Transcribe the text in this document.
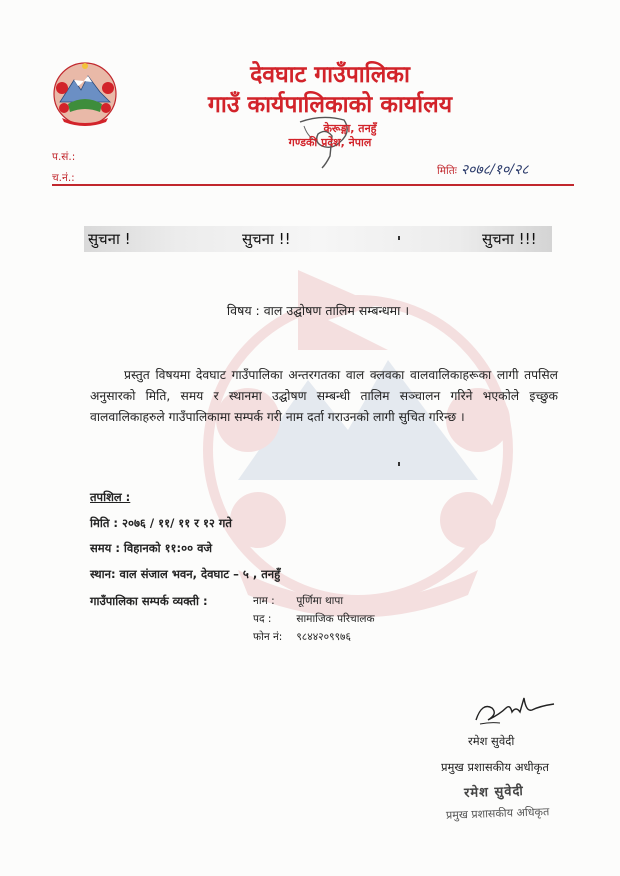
देवघाट गाउँपालिका
गाउँ कार्यपालिकाको कार्यालय
केरूङ्गा, तनहुँ
गण्डकी प्रदेश, नेपाल
प.सं.:
च.नं.:
मितिः २०७८/१०/२८
सुचना !	सुचना !!	सुचना !!!
विषय : वाल उद्घोषण तालिम सम्बन्धमा ।
प्रस्तुत विषयमा देवघाट गाउँपालिका अन्तरगतका वाल क्लवका वालवालिकाहरूका लागी तपसिल अनुसारको मिति, समय र स्थानमा उद्घोषण सम्बन्धी तालिम सञ्चालन गरिने भएकोले इच्छुक वालवालिकाहरुले गाउँपालिकामा सम्पर्क गरी नाम दर्ता गराउनको लागी सुचित गरिन्छ ।
तपशिल :
मिति : २०७६ / ११/ ११ र १२ गते
समय : विहानको ११:०० वजे
स्थान: वाल संजाल भवन, देवघाट – ५ , तनहुँ
गाउँपालिका सम्पर्क व्यक्ती :	नाम : पूर्णिमा थापा
पद : सामाजिक परिचालक
फोन नं: ९८४४२०९९७६
रमेश सुवेदी
प्रमुख प्रशासकीय अधीकृत
रमेश सुवेदी
प्रमुख प्रशासकीय अधिकृत
